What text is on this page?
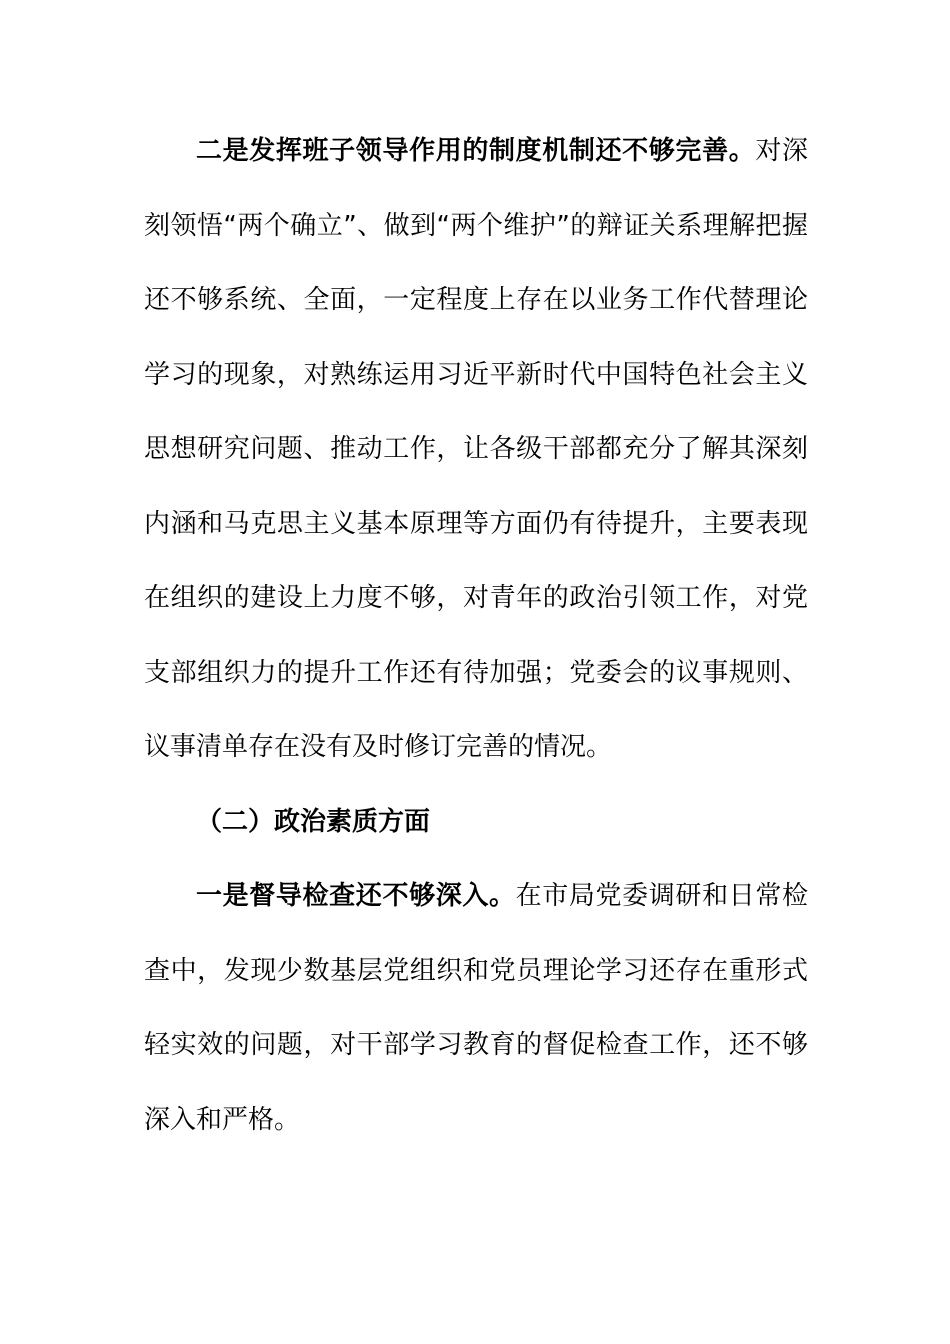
二是发挥班子领导作用的制度机制还不够完善。对深刻领悟“两个确立”、做到“两个维护”的辩证关系理解把握还不够系统、全面，一定程度上存在以业务工作代替理论学习的现象，对熟练运用习近平新时代中国特色社会主义思想研究问题、推动工作，让各级干部都充分了解其深刻内涵和马克思主义基本原理等方面仍有待提升，主要表现在组织的建设上力度不够，对青年的政治引领工作，对党支部组织力的提升工作还有待加强；党委会的议事规则、议事清单存在没有及时修订完善的情况。

（二）政治素质方面

一是督导检查还不够深入。在市局党委调研和日常检查中，发现少数基层党组织和党员理论学习还存在重形式轻实效的问题，对干部学习教育的督促检查工作，还不够深入和严格。
